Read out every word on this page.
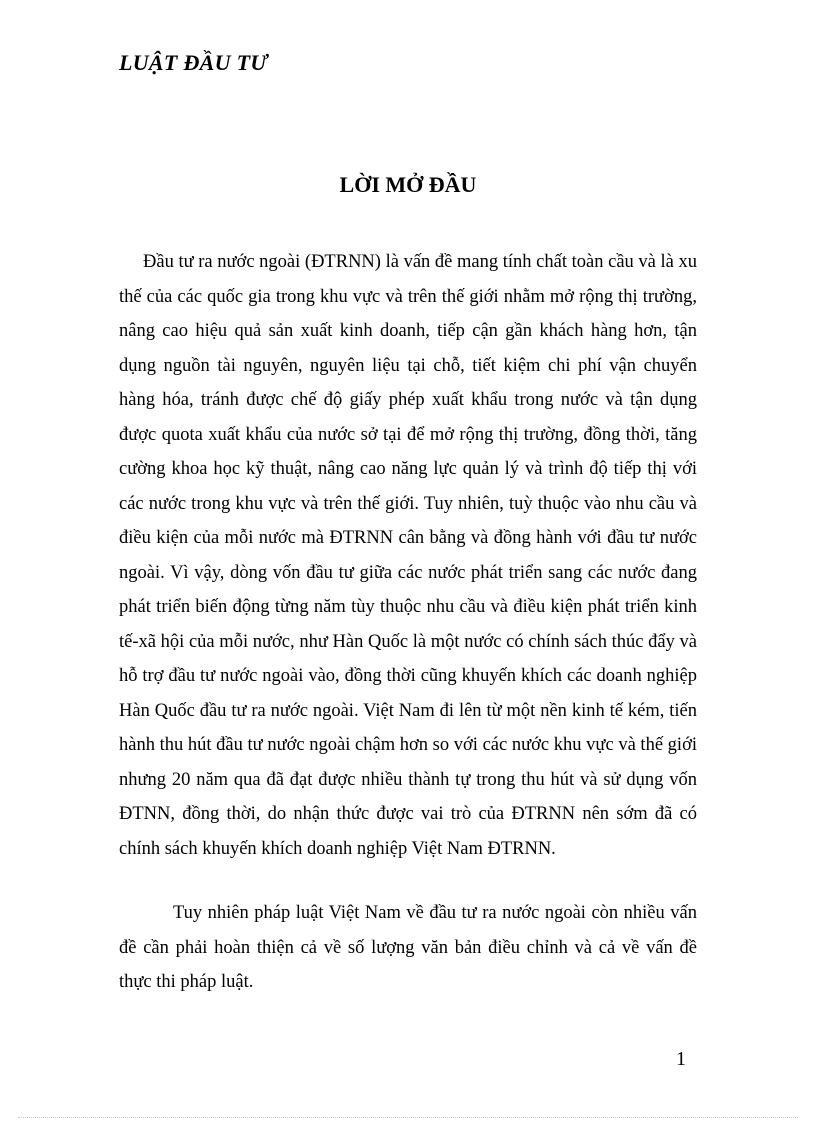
LUẬT ĐẦU TƯ
LỜI MỞ ĐẦU

Đầu tư ra nước ngoài (ĐTRNN) là vấn đề mang tính chất toàn cầu và là xu thế của các quốc gia trong khu vực và trên thế giới nhằm mở rộng thị trường, nâng cao hiệu quả sản xuất kinh doanh, tiếp cận gần khách hàng hơn, tận dụng nguồn tài nguyên, nguyên liệu tại chỗ, tiết kiệm chi phí vận chuyển hàng hóa, tránh được chế độ giấy phép xuất khẩu trong nước và tận dụng được quota xuất khẩu của nước sở tại để mở rộng thị trường, đồng thời, tăng cường khoa học kỹ thuật, nâng cao năng lực quản lý và trình độ tiếp thị với các nước trong khu vực và trên thế giới. Tuy nhiên, tuỳ thuộc vào nhu cầu và điều kiện của mỗi nước mà ĐTRNN cân bằng và đồng hành với đầu tư nước ngoài. Vì vậy, dòng vốn đầu tư giữa các nước phát triển sang các nước đang phát triển biến động từng năm tùy thuộc nhu cầu và điều kiện phát triển kinh tế-xã hội của mỗi nước, như Hàn Quốc là một nước có chính sách thúc đẩy và hỗ trợ đầu tư nước ngoài vào, đồng thời cũng khuyến khích các doanh nghiệp Hàn Quốc đầu tư ra nước ngoài. Việt Nam đi lên từ một nền kinh tế kém, tiến hành thu hút đầu tư nước ngoài chậm hơn so với các nước khu vực và thế giới nhưng 20 năm qua đã đạt được nhiều thành tự trong thu hút và sử dụng vốn ĐTNN, đồng thời, do nhận thức được vai trò của ĐTRNN nên sớm đã có chính sách khuyến khích doanh nghiệp Việt Nam ĐTRNN.

Tuy nhiên pháp luật Việt Nam về đầu tư ra nước ngoài còn nhiều vấn đề cần phải hoàn thiện cả về số lượng văn bản điều chỉnh và cả về vấn đề thực thi pháp luật.

1
